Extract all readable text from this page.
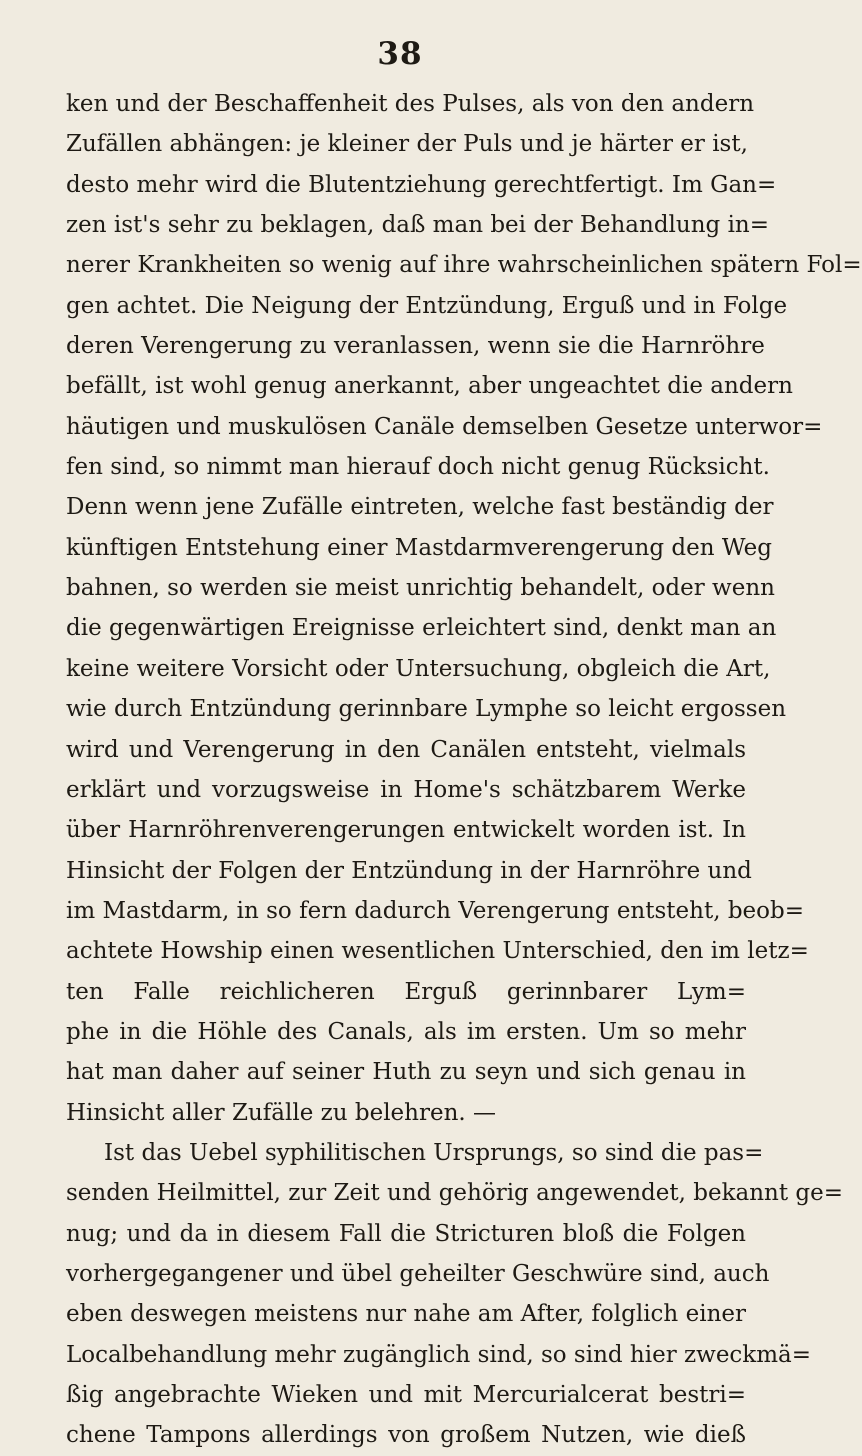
38
ken und der Beschaffenheit des Pulses, als von den andern
Zufällen abhängen: je kleiner der Puls und je härter er ist,
desto mehr wird die Blutentziehung gerechtfertigt. Im Gan=
zen ist's sehr zu beklagen, daß man bei der Behandlung in=
nerer Krankheiten so wenig auf ihre wahrscheinlichen spätern Fol=
gen achtet. Die Neigung der Entzündung, Erguß und in Folge
deren Verengerung zu veranlassen, wenn sie die Harnröhre
befällt, ist wohl genug anerkannt, aber ungeachtet die andern
häutigen und muskulösen Canäle demselben Gesetze unterwor=
fen sind, so nimmt man hierauf doch nicht genug Rücksicht.
Denn wenn jene Zufälle eintreten, welche fast beständig der
künftigen Entstehung einer Mastdarmverengerung den Weg
bahnen, so werden sie meist unrichtig behandelt, oder wenn
die gegenwärtigen Ereignisse erleichtert sind, denkt man an
keine weitere Vorsicht oder Untersuchung, obgleich die Art,
wie durch Entzündung gerinnbare Lymphe so leicht ergossen
wird und Verengerung in den Canälen entsteht, vielmals
erklärt und vorzugsweise in Home's schätzbarem Werke
über Harnröhrenverengerungen entwickelt worden ist. In
Hinsicht der Folgen der Entzündung in der Harnröhre und
im Mastdarm, in so fern dadurch Verengerung entsteht, beob=
achtete Howship einen wesentlichen Unterschied, den im letz=
ten Falle reichlicheren Erguß gerinnbarer Lym=
phe in die Höhle des Canals, als im ersten. Um so mehr
hat man daher auf seiner Huth zu seyn und sich genau in
Hinsicht aller Zufälle zu belehren. —
Ist das Uebel syphilitischen Ursprungs, so sind die pas=
senden Heilmittel, zur Zeit und gehörig angewendet, bekannt ge=
nug; und da in diesem Fall die Stricturen bloß die Folgen
vorhergegangener und übel geheilter Geschwüre sind, auch
eben deswegen meistens nur nahe am After, folglich einer
Localbehandlung mehr zugänglich sind, so sind hier zweckmä=
ßig angebrachte Wieken und mit Mercurialcerat bestri=
chene Tampons allerdings von großem Nutzen, wie dieß
